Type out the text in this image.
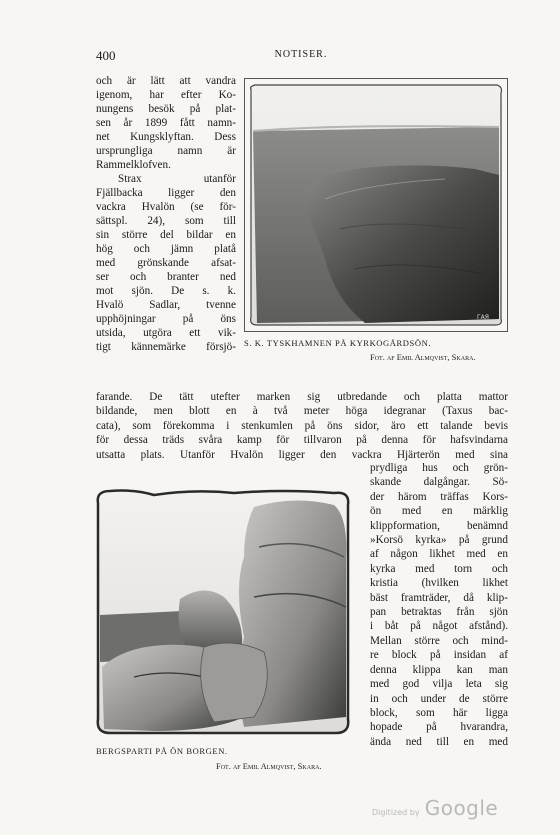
400	NOTISER.
och är lätt att vandra
igenom, har efter Ko-
nungens besök på plat-
sen år 1899 fått namn-
net Kungsklyftan. Dess
ursprungliga namn är
Rammelklofven.
Strax utanför
Fjällbacka ligger den
vackra Hvalön (se för-
sättspl. 24), som till
sin större del bildar en
hög och jämn platå
med grönskande afsat-
ser och branter ned
mot sjön. De s. k.
Hvalö Sadlar, tvenne
upphöjningar på öns
utsida, utgöra ett vik-
tigt kännemärke försjö-
ГАЯ
S. K. TYSKHAMNEN PÅ KYRKOGÅRDSÖN.
Fot. af Emil Almqvist, Skara.
farande. De tätt utefter marken sig utbredande och platta mattor
bildande, men blott en à två meter höga idegranar (Taxus bac-
cata), som förekomma i stenkumlen på öns sidor, äro ett talande bevis
för dessa träds svåra kamp för tillvaron på denna för hafsvindarna
utsatta plats. Utanför Hvalön ligger den vackra Hjärterön med sina
ГАЯ
BERGSPARTI PÅ ÖN BORGEN.
Fot. af Emil Almqvist, Skara.
prydliga hus och grön-
skande dalgångar. Sö-
der härom träffas Kors-
ön med en märklig
klippformation, benämnd
»Korsö kyrka» på grund
af någon likhet med en
kyrka med torn och
kristia (hvilken likhet
bäst framträder, då klip-
pan betraktas från sjön
i båt på något afstånd).
Mellan större och mind-
re block på insidan af
denna klippa kan man
med god vilja leta sig
in och under de större
block, som här ligga
hopade på hvarandra,
ända ned till en med
Digitized by Google
